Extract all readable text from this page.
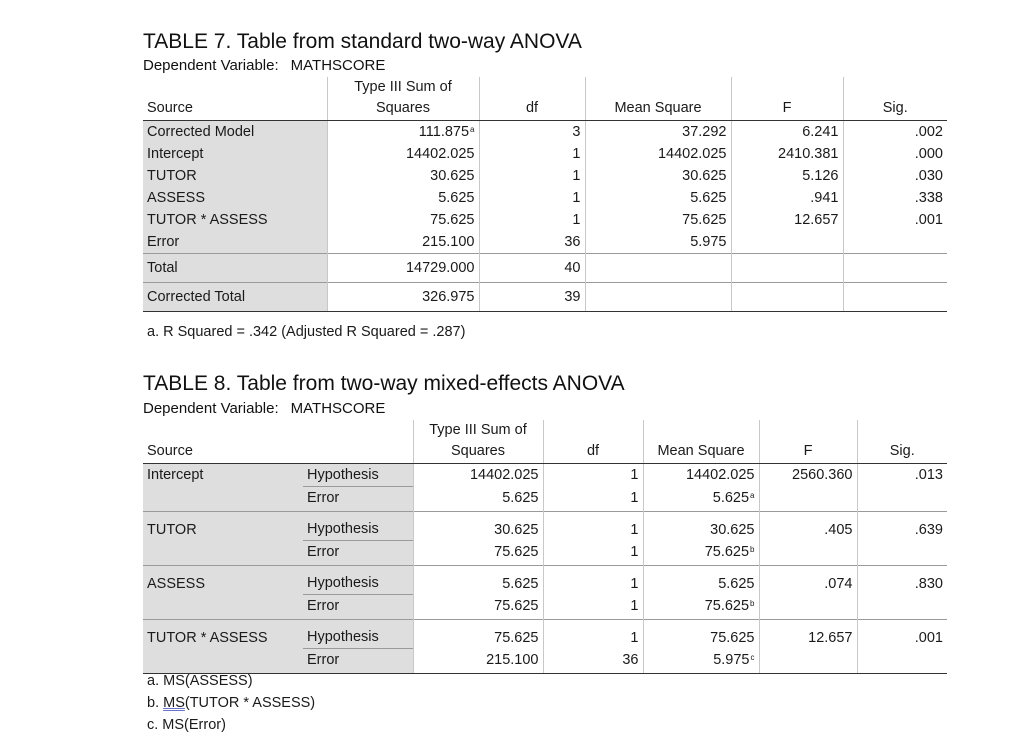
TABLE 7. Table from standard two-way ANOVA
Dependent Variable: MATHSCORE
Source	Type III Sum of
Squares	df	Mean Square	F	Sig.
Corrected Model	111.875$^a$	3	37.292	6.241	.002
Intercept	14402.025	1	14402.025	2410.381	.000
TUTOR	30.625	1	30.625	5.126	.030
ASSESS	5.625	1	5.625	.941	.338
TUTOR * ASSESS	75.625	1	75.625	12.657	.001
Error	215.100	36	5.975		
Total	14729.000	40			
Corrected Total	326.975	39			
a. R Squared = .342 (Adjusted R Squared = .287)
TABLE 8. Table from two-way mixed-effects ANOVA
Dependent Variable: MATHSCORE
Source		Type III Sum of
Squares	df	Mean Square	F	Sig.
Intercept	Hypothesis	14402.025	1	14402.025	2560.360	.013
	Error	5.625	1	5.625$^a$		
TUTOR	Hypothesis	30.625	1	30.625	.405	.639
	Error	75.625	1	75.625$^b$		
ASSESS	Hypothesis	5.625	1	5.625	.074	.830
	Error	75.625	1	75.625$^b$		
TUTOR * ASSESS	Hypothesis	75.625	1	75.625	12.657	.001
	Error	215.100	36	5.975$^c$		
a. MS(ASSESS)
b. MS(TUTOR * ASSESS)
c. MS(Error)
